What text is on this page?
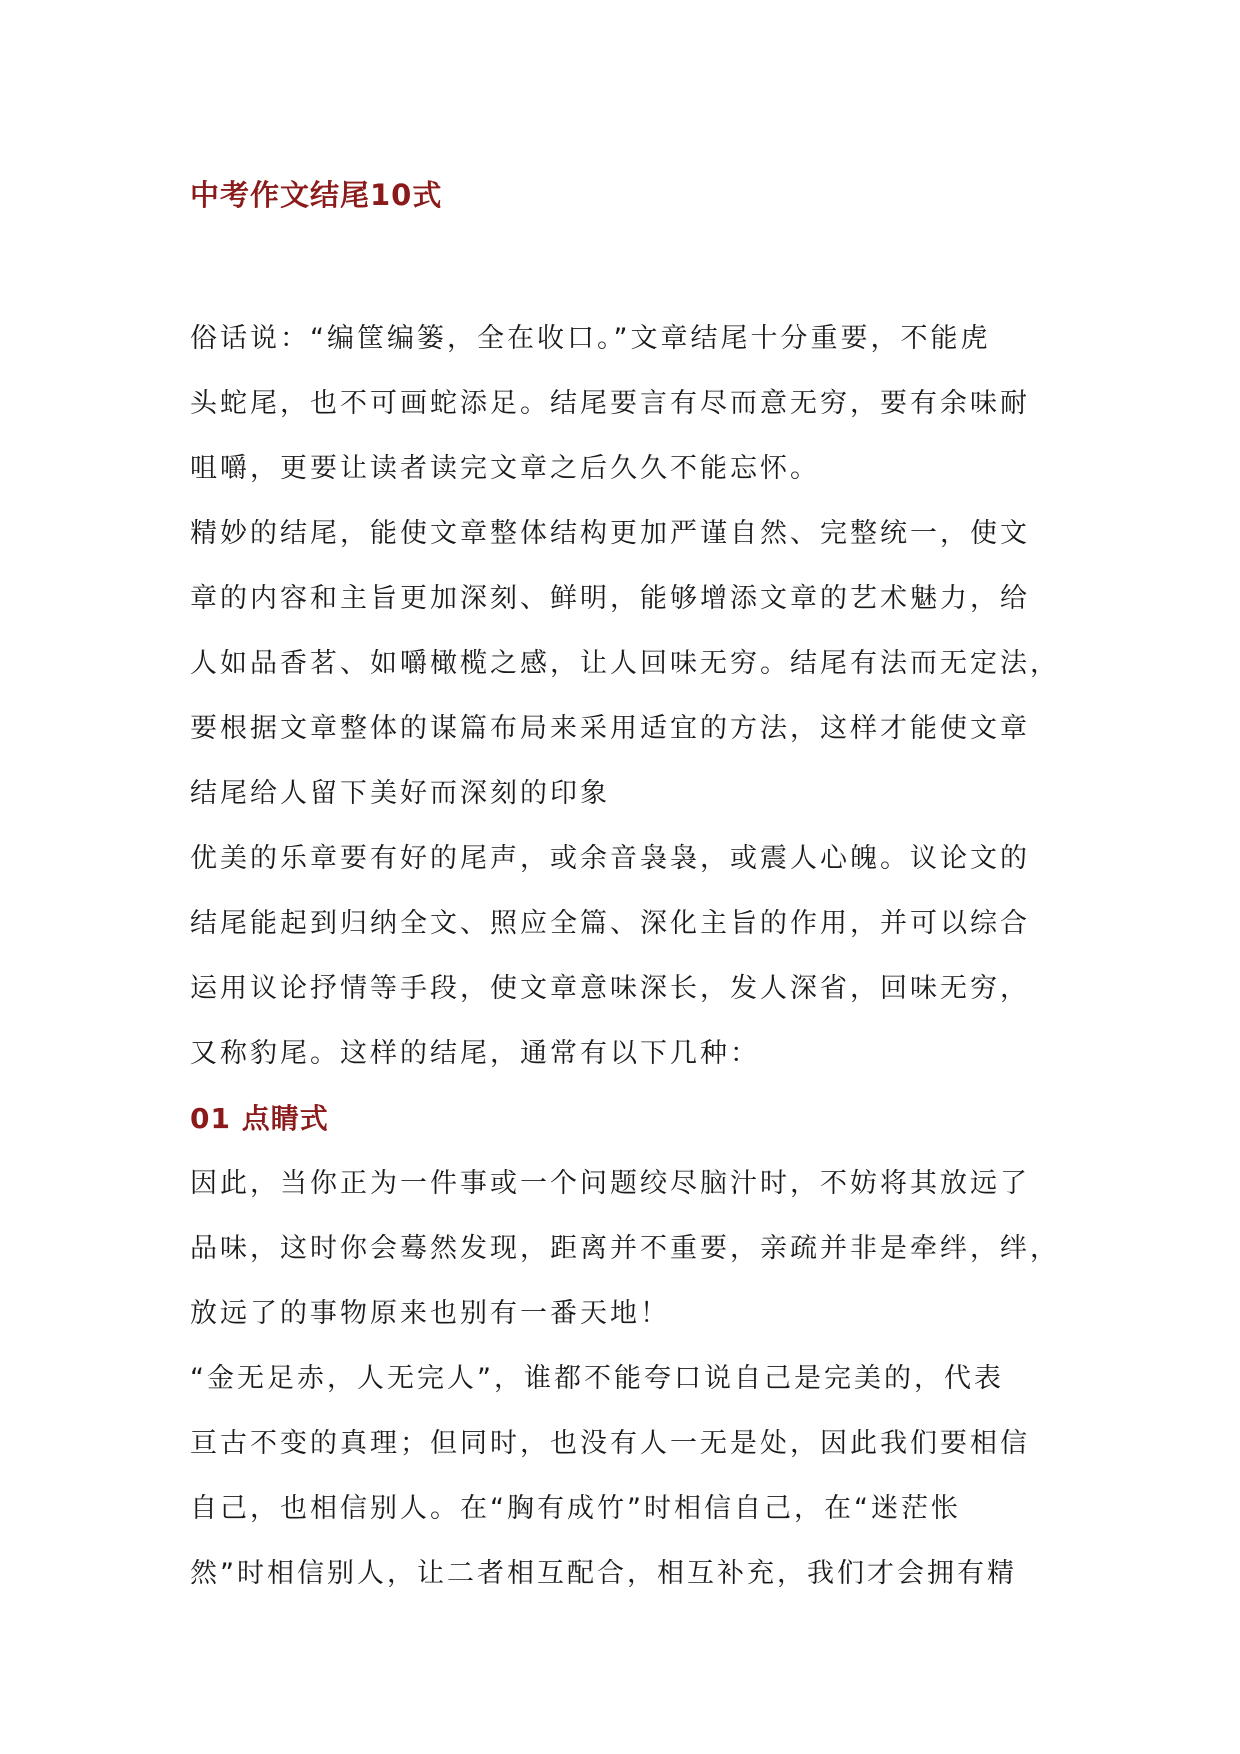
中考作文结尾10式
俗话说：“编筐编篓，全在收口。”文章结尾十分重要，不能虎
头蛇尾，也不可画蛇添足。结尾要言有尽而意无穷，要有余味耐
咀嚼，更要让读者读完文章之后久久不能忘怀。
精妙的结尾，能使文章整体结构更加严谨自然、完整统一，使文
章的内容和主旨更加深刻、鲜明，能够增添文章的艺术魅力，给
人如品香茗、如嚼橄榄之感，让人回味无穷。结尾有法而无定法，
要根据文章整体的谋篇布局来采用适宜的方法，这样才能使文章
结尾给人留下美好而深刻的印象
优美的乐章要有好的尾声，或余音袅袅，或震人心魄。议论文的
结尾能起到归纳全文、照应全篇、深化主旨的作用，并可以综合
运用议论抒情等手段，使文章意味深长，发人深省，回味无穷，
又称豹尾。这样的结尾，通常有以下几种：
01 点睛式
因此，当你正为一件事或一个问题绞尽脑汁时，不妨将其放远了
品味，这时你会蓦然发现，距离并不重要，亲疏并非是牵绊，绊，
放远了的事物原来也别有一番天地！
“金无足赤，人无完人”，谁都不能夸口说自己是完美的，代表
亘古不变的真理；但同时，也没有人一无是处，因此我们要相信
自己，也相信别人。在“胸有成竹”时相信自己，在“迷茫怅
然”时相信别人，让二者相互配合，相互补充，我们才会拥有精
